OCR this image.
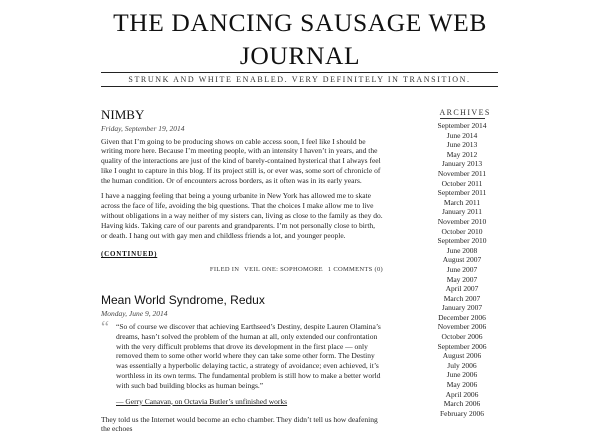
THE DANCING SAUSAGE WEB
JOURNAL
STRUNK AND WHITE ENABLED. VERY DEFINITELY IN TRANSITION.
NIMBY
Friday, September 19, 2014

Given that I’m going to be producing shows on cable access soon, I feel like I should be writing more here. Because I’m meeting people, with an intensity I haven’t in years, and the quality of the interactions are just of the kind of barely-contained hysterical that I always feel like I ought to capture in this blog. If its project still is, or ever was, some sort of chronicle of the human condition. Or of encounters across borders, as it often was in its early years.

I have a nagging feeling that being a young urbanite in New York has allowed me to skate across the face of life, avoiding the big questions. That the choices I make allow me to live without obligations in a way neither of my sisters can, living as close to the family as they do. Having kids. Taking care of our parents and grandparents. I’m not personally close to birth, or death. I hang out with gay men and childless friends a lot, and younger people.

(CONTINUED)
FILED IN VEIL ONE: SOPHOMORE 1 COMMENTS (0)
Mean World Syndrome, Redux
Monday, June 9, 2014
“ “So of course we discover that achieving Earthseed’s Destiny, despite Lauren Olamina’s dreams, hasn’t solved the problem of the human at all, only extended our confrontation with the very difficult problems that drove its development in the first place — only removed them to some other world where they can take some other form. The Destiny was essentially a hyperbolic delaying tactic, a strategy of avoidance; even achieved, it’s worthless in its own terms. The fundamental problem is still how to make a better world with such bad building blocks as human beings.”

— Gerry Canavan, on Octavia Butler’s unfinished works

They told us the Internet would become an echo chamber. They didn’t tell us how deafening the echoes

ARCHIVES
September 2014
June 2014
June 2013
May 2012
January 2013
November 2011
October 2011
September 2011
March 2011
January 2011
November 2010
October 2010
September 2010
June 2008
August 2007
June 2007
May 2007
April 2007
March 2007
January 2007
December 2006
November 2006
October 2006
September 2006
August 2006
July 2006
June 2006
May 2006
April 2006
March 2006
February 2006
